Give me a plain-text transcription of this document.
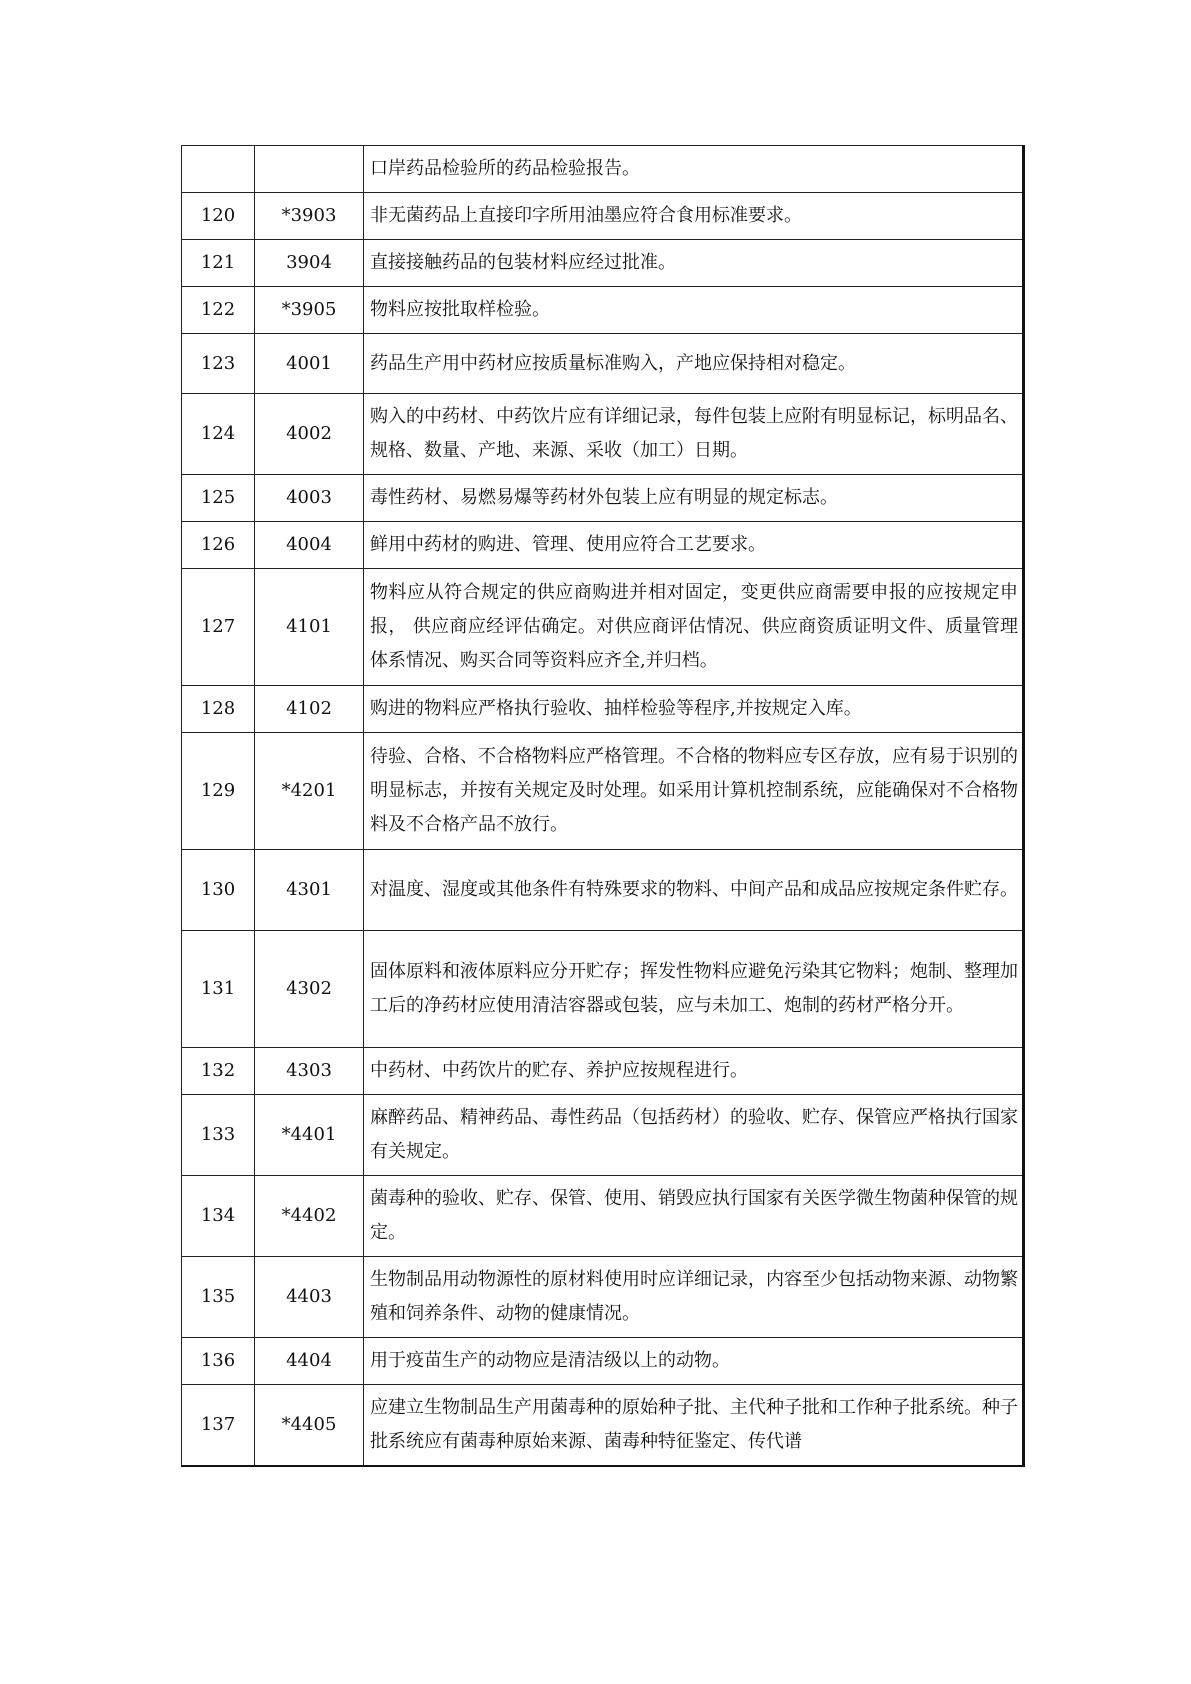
		口岸药品检验所的药品检验报告。
120	*3903	非无菌药品上直接印字所用油墨应符合食用标准要求。
121	3904	直接接触药品的包装材料应经过批准。
122	*3905	物料应按批取样检验。
123	4001	药品生产用中药材应按质量标准购入，产地应保持相对稳定。
124	4002	购入的中药材、中药饮片应有详细记录，每件包装上应附有明显标记，标明品名、规格、数量、产地、来源、采收（加工）日期。
125	4003	毒性药材、易燃易爆等药材外包装上应有明显的规定标志。
126	4004	鲜用中药材的购进、管理、使用应符合工艺要求。
127	4101	物料应从符合规定的供应商购进并相对固定，变更供应商需要申报的应按规定申报， 供应商应经评估确定。对供应商评估情况、供应商资质证明文件、质量管理体系情况、购买合同等资料应齐全,并归档。
128	4102	购进的物料应严格执行验收、抽样检验等程序,并按规定入库。
129	*4201	待验、合格、不合格物料应严格管理。不合格的物料应专区存放，应有易于识别的明显标志，并按有关规定及时处理。如采用计算机控制系统，应能确保对不合格物料及不合格产品不放行。
130	4301	对温度、湿度或其他条件有特殊要求的物料、中间产品和成品应按规定条件贮存。
131	4302	固体原料和液体原料应分开贮存；挥发性物料应避免污染其它物料；炮制、整理加工后的净药材应使用清洁容器或包装，应与未加工、炮制的药材严格分开。
132	4303	中药材、中药饮片的贮存、养护应按规程进行。
133	*4401	麻醉药品、精神药品、毒性药品（包括药材）的验收、贮存、保管应严格执行国家有关规定。
134	*4402	菌毒种的验收、贮存、保管、使用、销毁应执行国家有关医学微生物菌种保管的规定。
135	4403	生物制品用动物源性的原材料使用时应详细记录，内容至少包括动物来源、动物繁殖和饲养条件、动物的健康情况。
136	4404	用于疫苗生产的动物应是清洁级以上的动物。
137	*4405	应建立生物制品生产用菌毒种的原始种子批、主代种子批和工作种子批系统。种子批系统应有菌毒种原始来源、菌毒种特征鉴定、传代谱
